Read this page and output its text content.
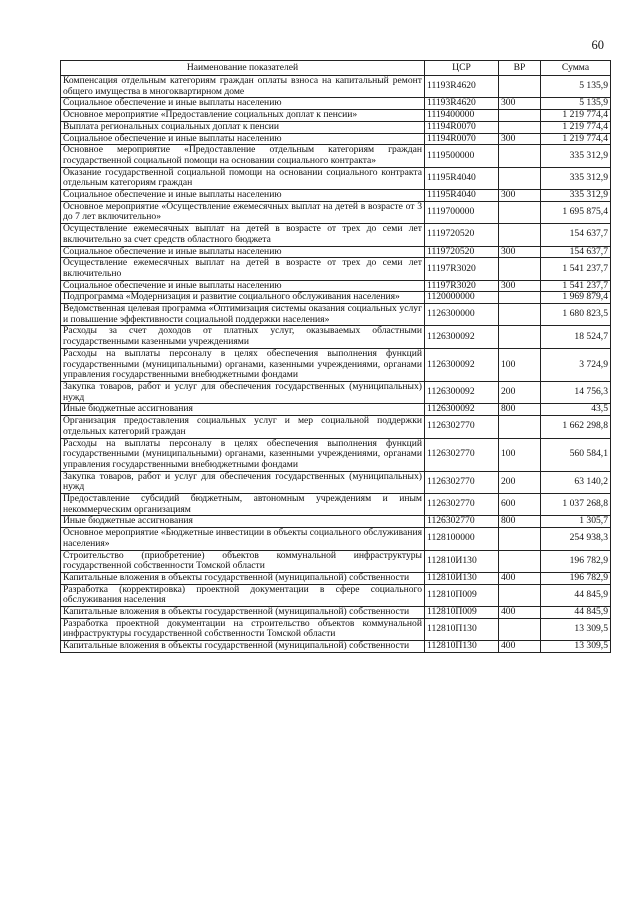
60
Наименование показателей	ЦСР	ВР	Сумма
Компенсация отдельным категориям граждан оплаты взноса на капитальный ремонт общего имущества в многоквартирном доме	11193R4620		5 135,9
Социальное обеспечение и иные выплаты населению	11193R4620	300	5 135,9
Основное мероприятие «Предоставление социальных доплат к пенсии»	1119400000		1 219 774,4
Выплата региональных социальных доплат к пенсии	11194R0070		1 219 774,4
Социальное обеспечение и иные выплаты населению	11194R0070	300	1 219 774,4
Основное мероприятие «Предоставление отдельным категориям граждан государственной социальной помощи на основании социального контракта»	1119500000		335 312,9
Оказание государственной социальной помощи на основании социального контракта отдельным категориям граждан	11195R4040		335 312,9
Социальное обеспечение и иные выплаты населению	11195R4040	300	335 312,9
Основное мероприятие «Осуществление ежемесячных выплат на детей в возрасте от 3 до 7 лет включительно»	1119700000		1 695 875,4
Осуществление ежемесячных выплат на детей в возрасте от трех до семи лет включительно за счет средств областного бюджета	1119720520		154 637,7
Социальное обеспечение и иные выплаты населению	1119720520	300	154 637,7
Осуществление ежемесячных выплат на детей в возрасте от трех до семи лет включительно	11197R3020		1 541 237,7
Социальное обеспечение и иные выплаты населению	11197R3020	300	1 541 237,7
Подпрограмма «Модернизация и развитие социального обслуживания населения»	1120000000		1 969 879,4
Ведомственная целевая программа «Оптимизация системы оказания социальных услуг и повышение эффективности социальной поддержки населения»	1126300000		1 680 823,5
Расходы за счет доходов от платных услуг, оказываемых областными государственными казенными учреждениями	1126300092		18 524,7
Расходы на выплаты персоналу в целях обеспечения выполнения функций государственными (муниципальными) органами, казенными учреждениями, органами управления государственными внебюджетными фондами	1126300092	100	3 724,9
Закупка товаров, работ и услуг для обеспечения государственных (муниципальных) нужд	1126300092	200	14 756,3
Иные бюджетные ассигнования	1126300092	800	43,5
Организация предоставления социальных услуг и мер социальной поддержки отдельных категорий граждан	1126302770		1 662 298,8
Расходы на выплаты персоналу в целях обеспечения выполнения функций государственными (муниципальными) органами, казенными учреждениями, органами управления государственными внебюджетными фондами	1126302770	100	560 584,1
Закупка товаров, работ и услуг для обеспечения государственных (муниципальных) нужд	1126302770	200	63 140,2
Предоставление субсидий бюджетным, автономным учреждениям и иным некоммерческим организациям	1126302770	600	1 037 268,8
Иные бюджетные ассигнования	1126302770	800	1 305,7
Основное мероприятие «Бюджетные инвестиции в объекты социального обслуживания населения»	1128100000		254 938,3
Строительство (приобретение) объектов коммунальной инфраструктуры государственной собственности Томской области	112810И130		196 782,9
Капитальные вложения в объекты государственной (муниципальной) собственности	112810И130	400	196 782,9
Разработка (корректировка) проектной документации в сфере социального обслуживания населения	112810П009		44 845,9
Капитальные вложения в объекты государственной (муниципальной) собственности	112810П009	400	44 845,9
Разработка проектной документации на строительство объектов коммунальной инфраструктуры государственной собственности Томской области	112810П130		13 309,5
Капитальные вложения в объекты государственной (муниципальной) собственности	112810П130	400	13 309,5
